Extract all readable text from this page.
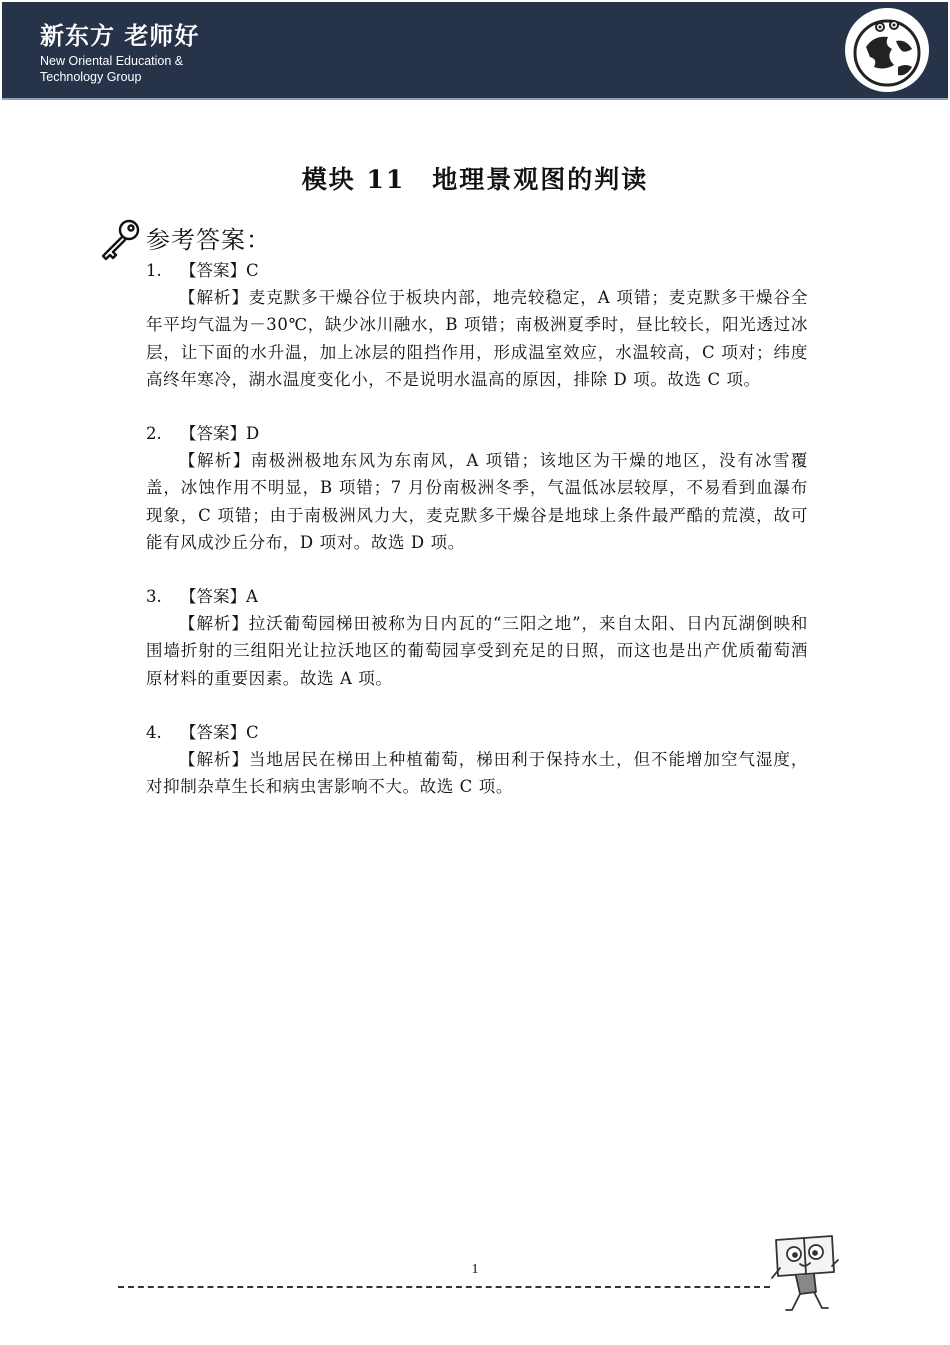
新东方 老师好
New Oriental Education &
Technology Group
模块 11　地理景观图的判读
参考答案：
1. 【答案】C
【解析】麦克默多干燥谷位于板块内部，地壳较稳定，A 项错；麦克默多干燥谷全年平均气温为－30℃，缺少冰川融水，B 项错；南极洲夏季时，昼比较长，阳光透过冰层，让下面的水升温，加上冰层的阻挡作用，形成温室效应，水温较高，C 项对；纬度高终年寒冷，湖水温度变化小，不是说明水温高的原因，排除 D 项。故选 C 项。
2. 【答案】D
【解析】南极洲极地东风为东南风，A 项错；该地区为干燥的地区，没有冰雪覆盖，冰蚀作用不明显，B 项错；7 月份南极洲冬季，气温低冰层较厚，不易看到血瀑布现象，C 项错；由于南极洲风力大，麦克默多干燥谷是地球上条件最严酷的荒漠，故可能有风成沙丘分布，D 项对。故选 D 项。
3. 【答案】A
【解析】拉沃葡萄园梯田被称为日内瓦的“三阳之地”，来自太阳、日内瓦湖倒映和围墙折射的三组阳光让拉沃地区的葡萄园享受到充足的日照，而这也是出产优质葡萄酒原材料的重要因素。故选 A 项。
4. 【答案】C
【解析】当地居民在梯田上种植葡萄，梯田利于保持水土，但不能增加空气湿度，对抑制杂草生长和病虫害影响不大。故选 C 项。
1
